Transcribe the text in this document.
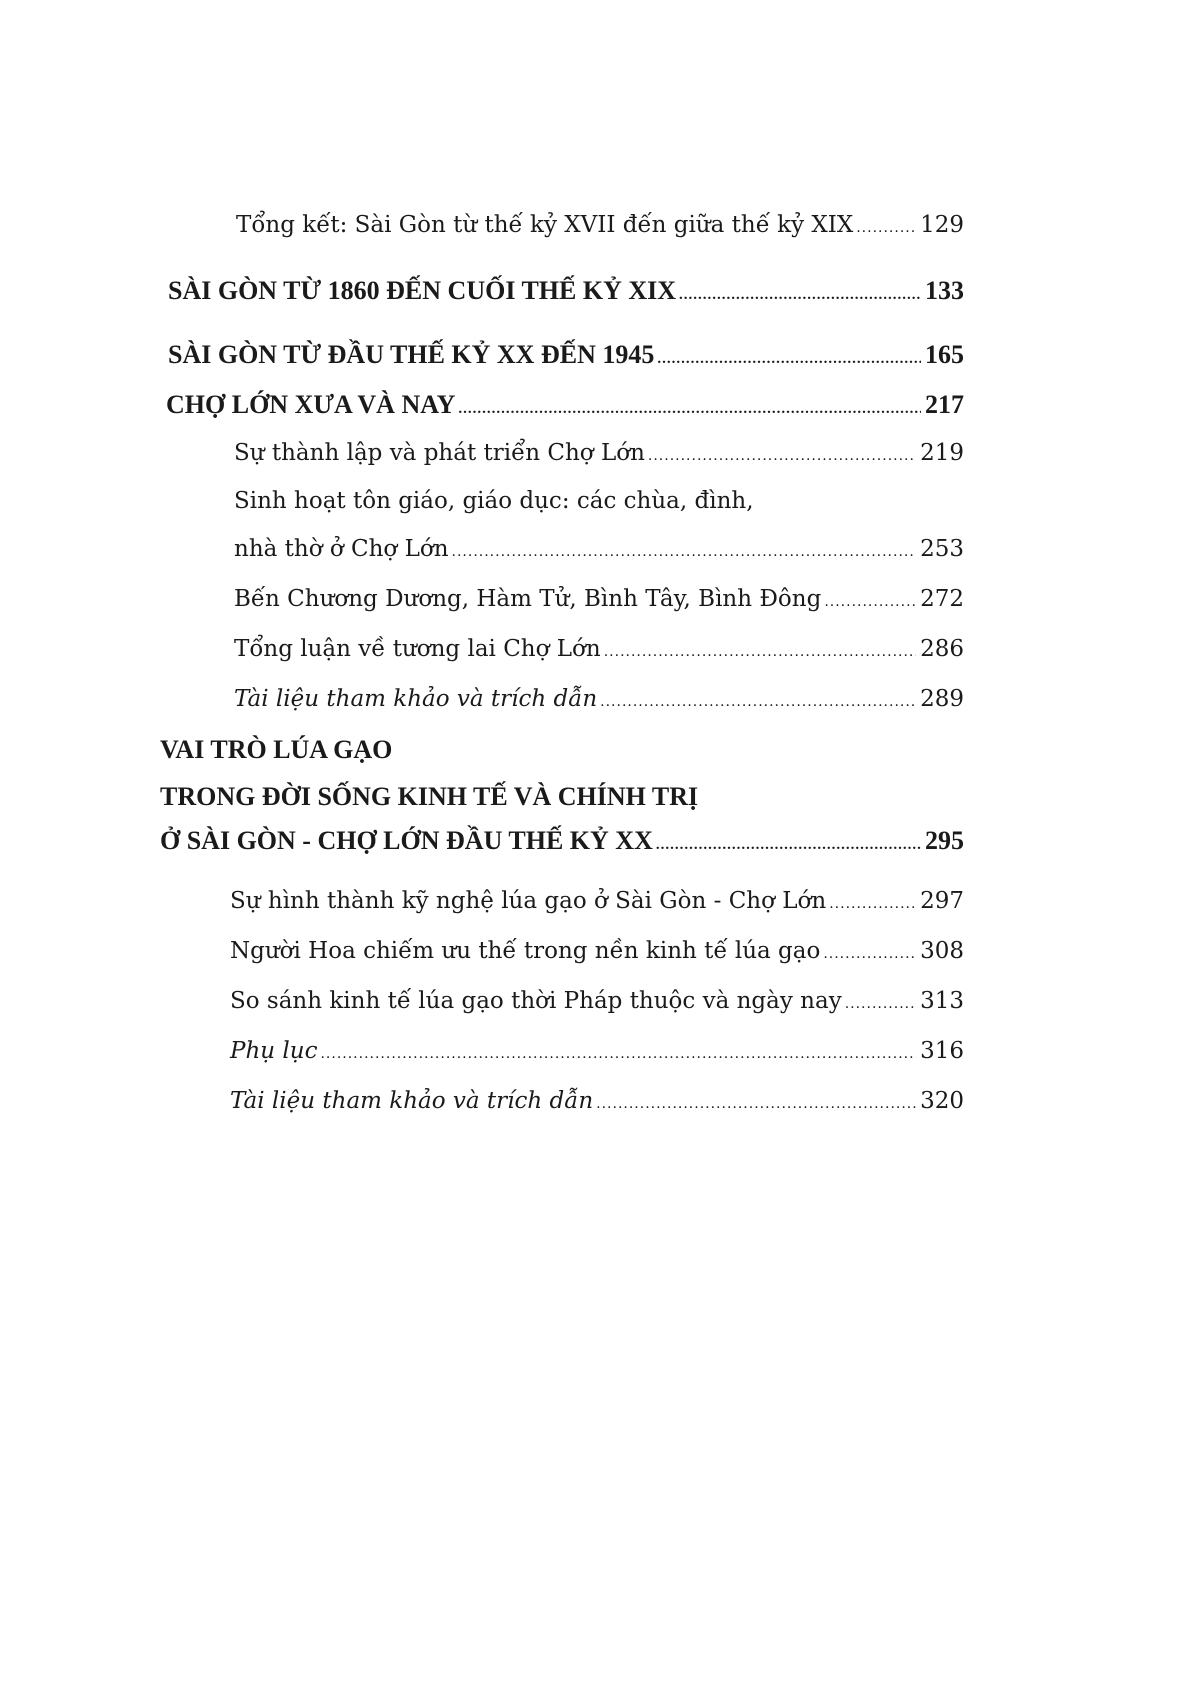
Tổng kết: Sài Gòn từ thế kỷ XVII đến giữa thế kỷ XIX .....	129
SÀI GÒN TỪ 1860 ĐẾN CUỐI THẾ KỶ XIX .....	133
SÀI GÒN TỪ ĐẦU THẾ KỶ XX ĐẾN 1945 .....	165
CHỢ LỚN XƯA VÀ NAY .....	217
Sự thành lập và phát triển Chợ Lớn .....	219
Sinh hoạt tôn giáo, giáo dục: các chùa, đình,
nhà thờ ở Chợ Lớn .....	253
Bến Chương Dương, Hàm Tử, Bình Tây, Bình Đông .....	272
Tổng luận về tương lai Chợ Lớn .....	286
Tài liệu tham khảo và trích dẫn .....	289
VAI TRÒ LÚA GẠO
TRONG ĐỜI SỐNG KINH TẾ VÀ CHÍNH TRỊ
Ở SÀI GÒN - CHỢ LỚN ĐẦU THẾ KỶ XX .....	295
Sự hình thành kỹ nghệ lúa gạo ở Sài Gòn - Chợ Lớn .....	297
Người Hoa chiếm ưu thế trong nền kinh tế lúa gạo .....	308
So sánh kinh tế lúa gạo thời Pháp thuộc và ngày nay .....	313
Phụ lục .....	316
Tài liệu tham khảo và trích dẫn .....	320
